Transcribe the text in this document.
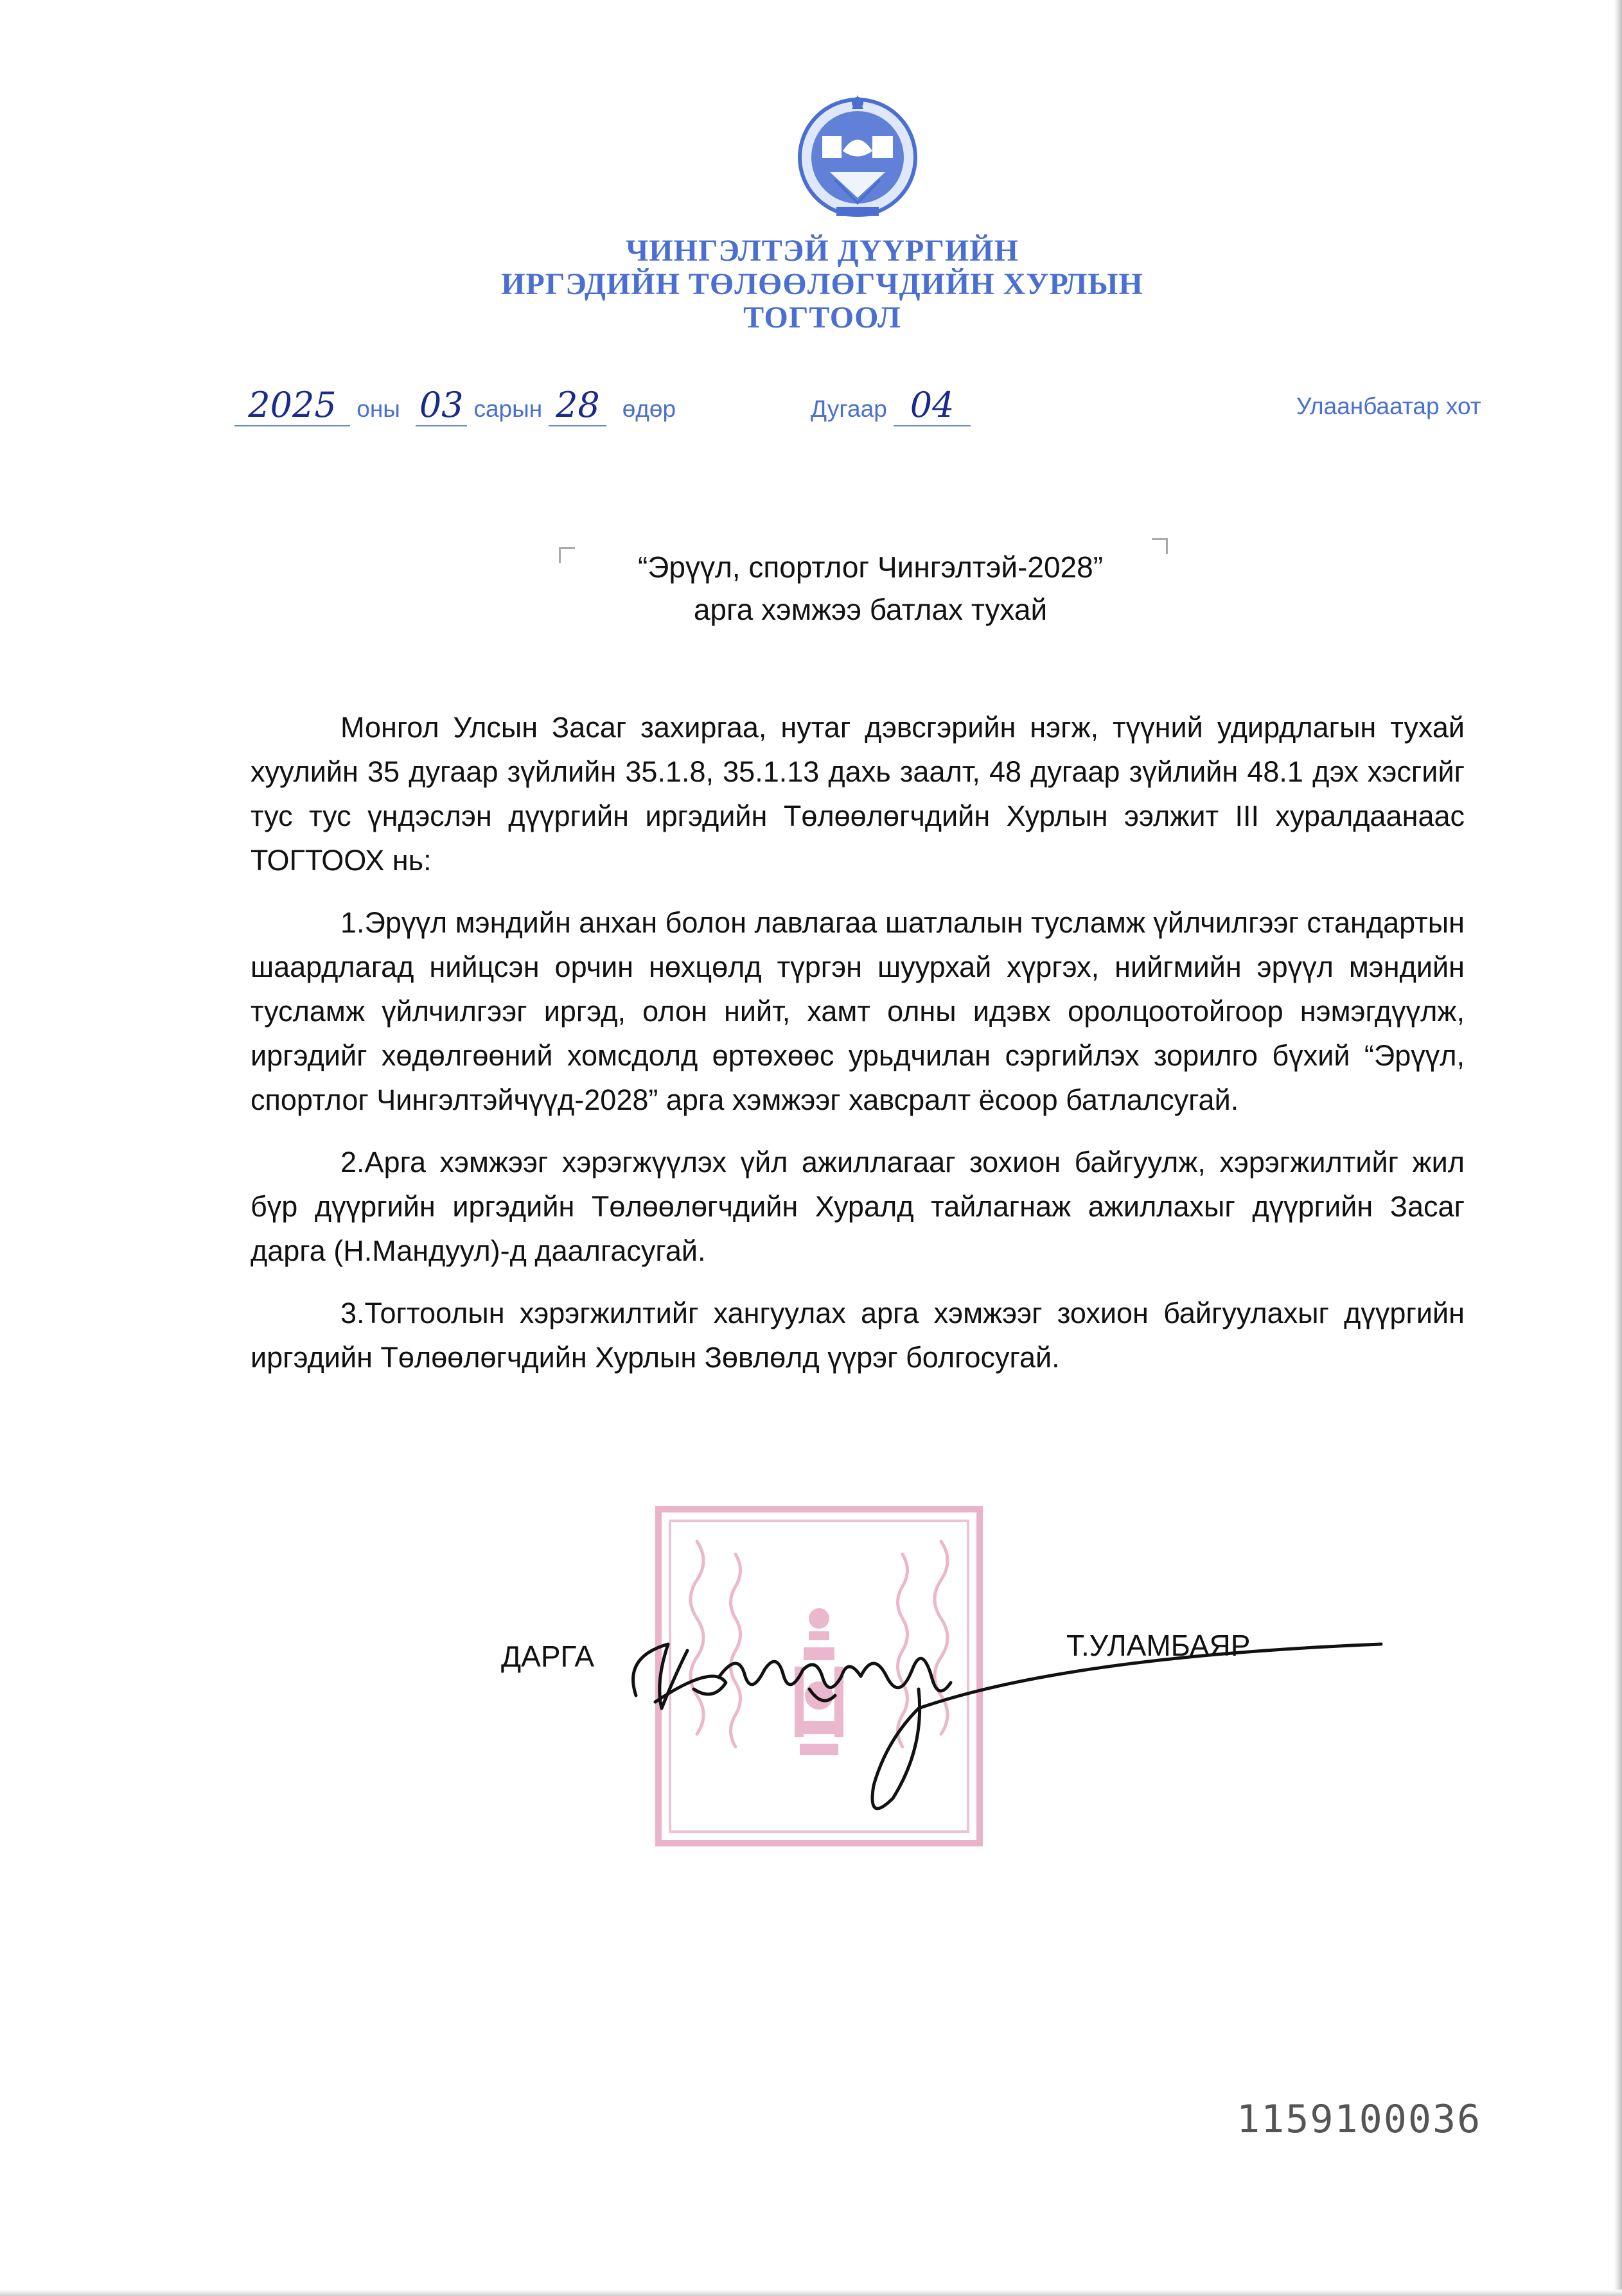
ЧИНГЭЛТЭЙ ДҮҮРГИЙН
ИРГЭДИЙН ТӨЛӨӨЛӨГЧДИЙН ХУРЛЫН
ТОГТООЛ
2025 оны 03 сарын 28 өдөр	Дугаар 04	Улаанбаатар хот
“Эрүүл, спортлог Чингэлтэй-2028”
арга хэмжээ батлах тухай

Монгол Улсын Засаг захиргаа, нутаг дэвсгэрийн нэгж, түүний удирдлагын тухай хуулийн 35 дугаар зүйлийн 35.1.8, 35.1.13 дахь заалт, 48 дугаар зүйлийн 48.1 дэх хэсгийг тус тус үндэслэн дүүргийн иргэдийн Төлөөлөгчдийн Хурлын ээлжит III хуралдаанаас ТОГТООХ нь:

1.Эрүүл мэндийн анхан болон лавлагаа шатлалын тусламж үйлчилгээг стандартын шаардлагад нийцсэн орчин нөхцөлд түргэн шуурхай хүргэх, нийгмийн эрүүл мэндийн тусламж үйлчилгээг иргэд, олон нийт, хамт олны идэвх оролцоотойгоор нэмэгдүүлж, иргэдийг хөдөлгөөний хомсдолд өртөхөөс урьдчилан сэргийлэх зорилго бүхий “Эрүүл, спортлог Чингэлтэйчүүд-2028” арга хэмжээг хавсралт ёсоор батлалсугай.

2.Арга хэмжээг хэрэгжүүлэх үйл ажиллагааг зохион байгуулж, хэрэгжилтийг жил бүр дүүргийн иргэдийн Төлөөлөгчдийн Хуралд тайлагнаж ажиллахыг дүүргийн Засаг дарга (Н.Мандуул)-д даалгасугай.

3.Тогтоолын хэрэгжилтийг хангуулах арга хэмжээг зохион байгуулахыг дүүргийн иргэдийн Төлөөлөгчдийн Хурлын Зөвлөлд үүрэг болгосугай.

ДАРГА	Т.УЛАМБАЯР
1159100036
